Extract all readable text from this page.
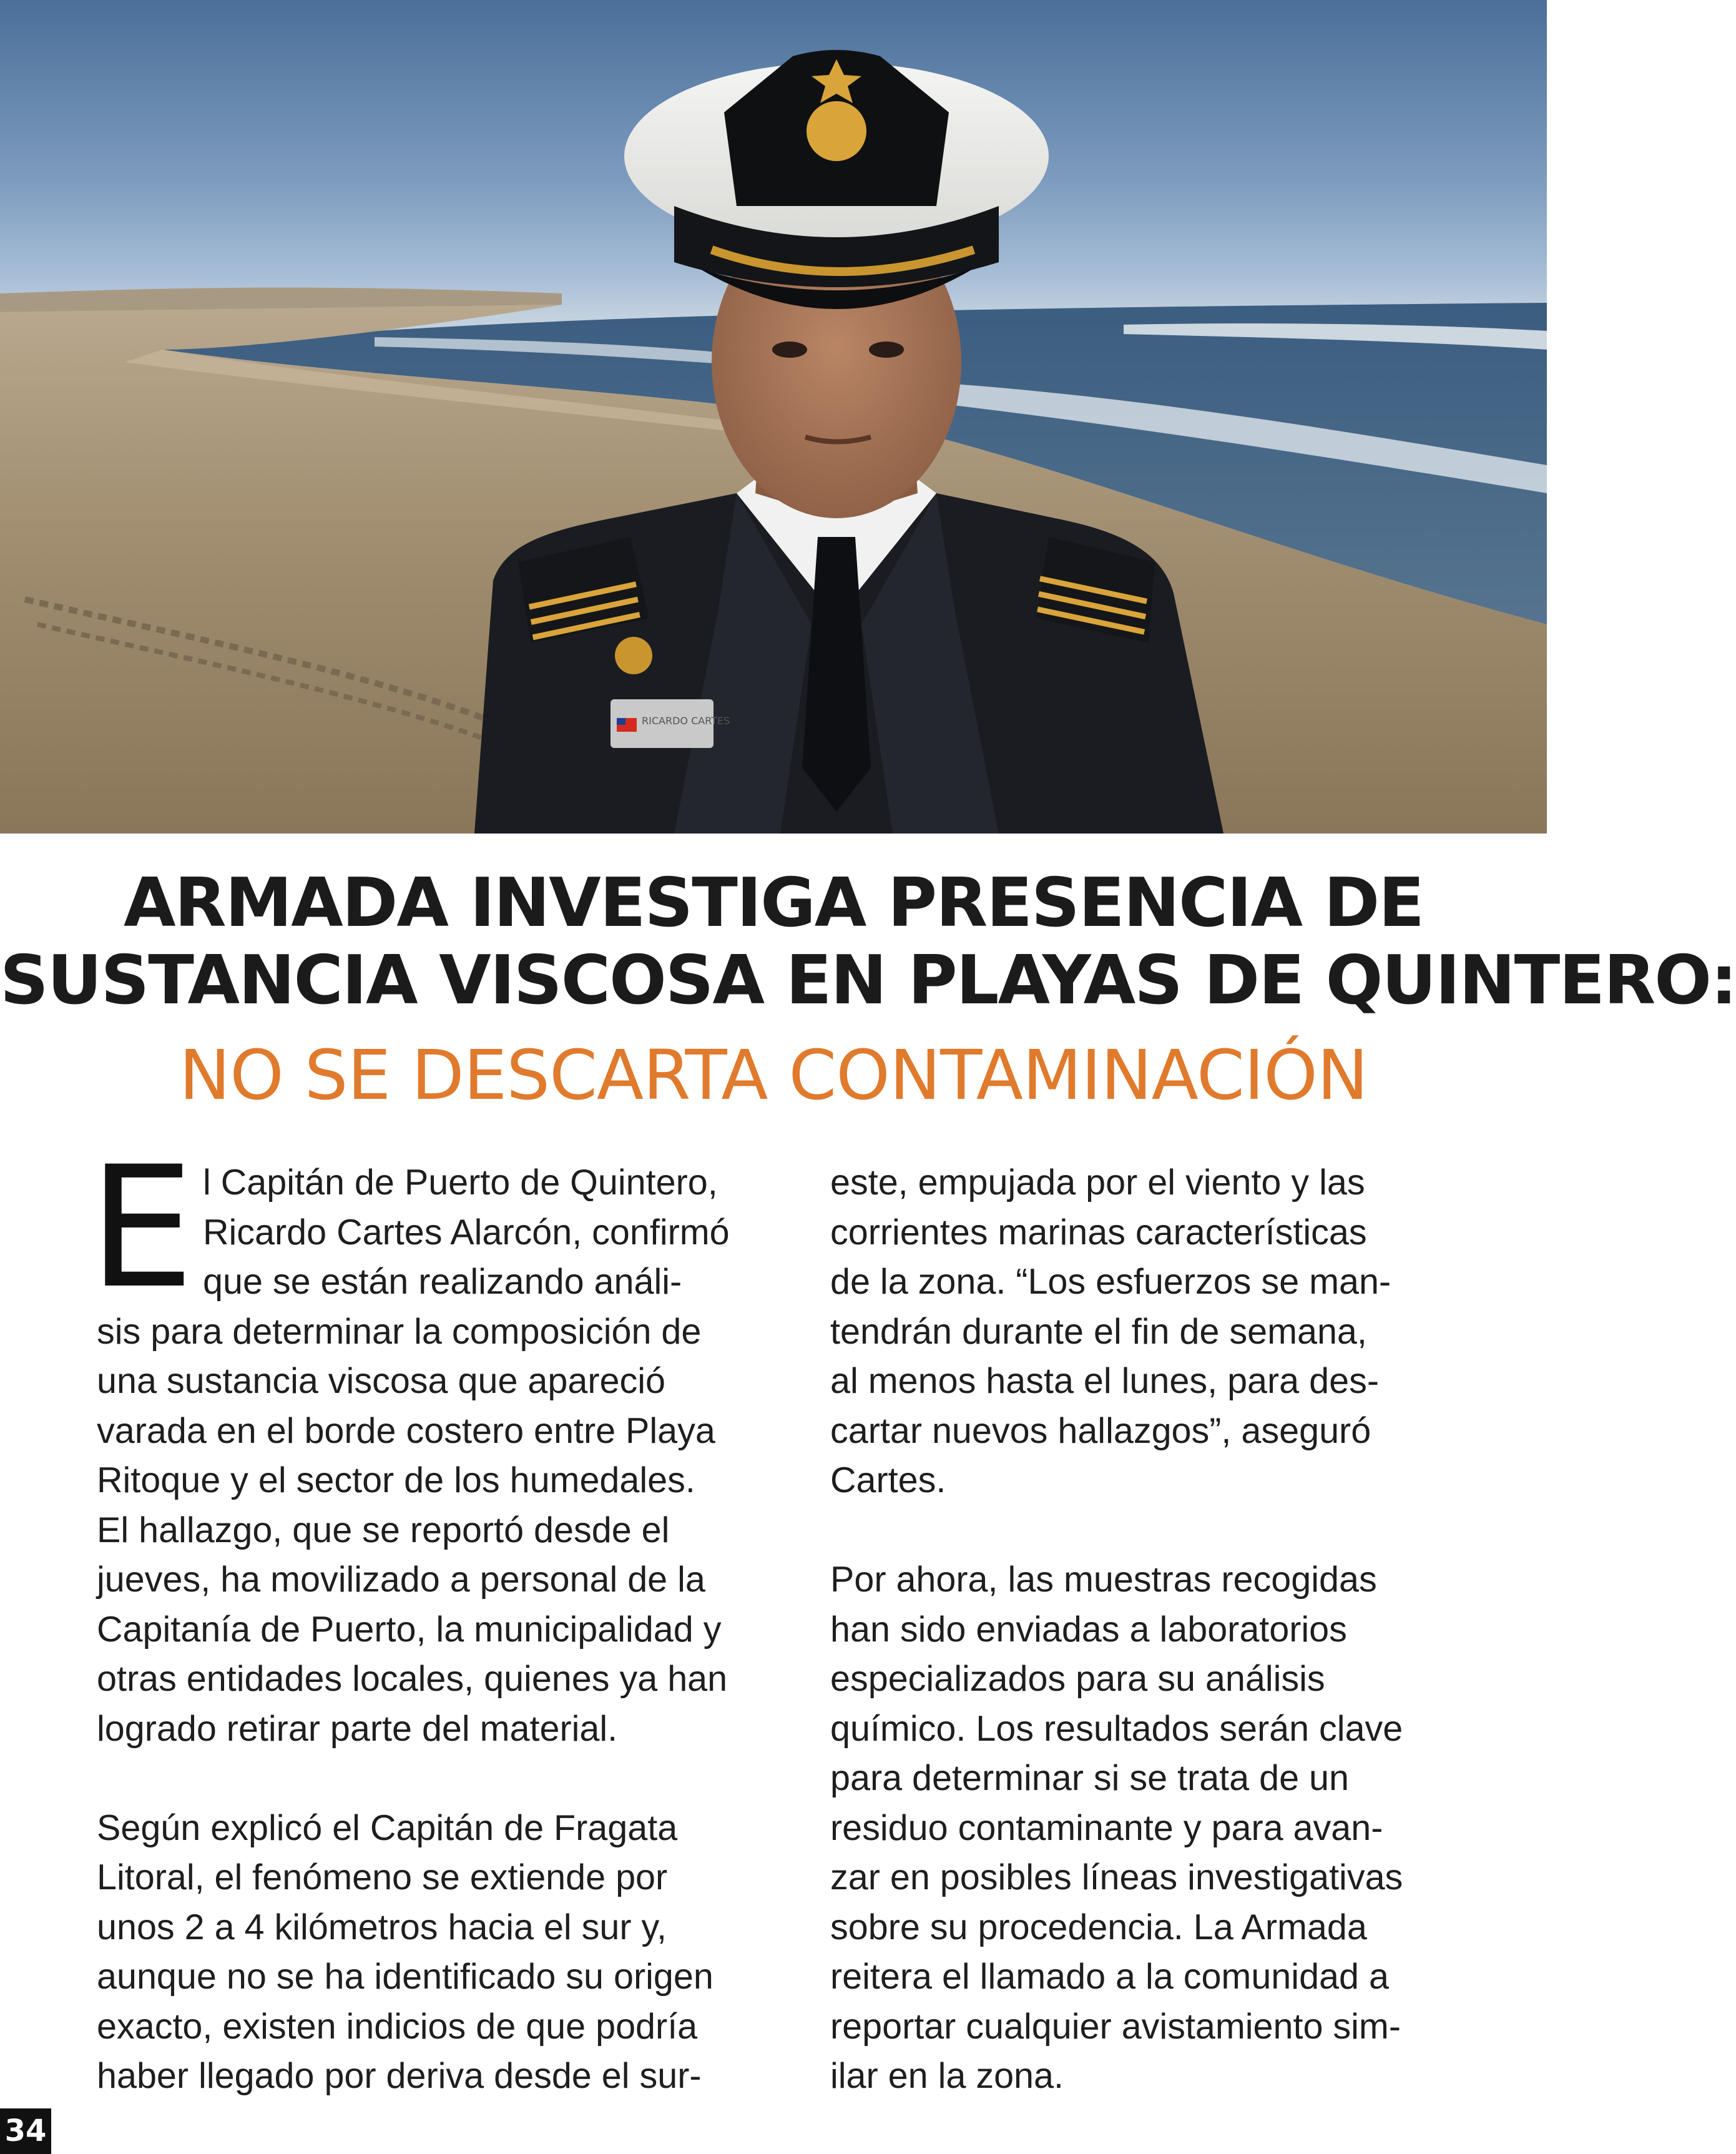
RICARDO CARTES
ARMADA INVESTIGA PRESENCIA DE
SUSTANCIA VISCOSA EN PLAYAS DE QUINTERO:
NO SE DESCARTA CONTAMINACIÓN
E l Capitán de Puerto de Quintero,

Ricardo Cartes Alarcón, confirmó

que se están realizando análi-

sis para determinar la composición de

una sustancia viscosa que apareció

varada en el borde costero entre Playa

Ritoque y el sector de los humedales.

El hallazgo, que se reportó desde el

jueves, ha movilizado a personal de la

Capitanía de Puerto, la municipalidad y

otras entidades locales, quienes ya han

logrado retirar parte del material.

Según explicó el Capitán de Fragata

Litoral, el fenómeno se extiende por

unos 2 a 4 kilómetros hacia el sur y,

aunque no se ha identificado su origen

exacto, existen indicios de que podría

haber llegado por deriva desde el sur-

este, empujada por el viento y las

corrientes marinas características

de la zona. “Los esfuerzos se man-

tendrán durante el fin de semana,

al menos hasta el lunes, para des-

cartar nuevos hallazgos”, aseguró

Cartes.

Por ahora, las muestras recogidas

han sido enviadas a laboratorios

especializados para su análisis

químico. Los resultados serán clave

para determinar si se trata de un

residuo contaminante y para avan-

zar en posibles líneas investigativas

sobre su procedencia. La Armada

reitera el llamado a la comunidad a

reportar cualquier avistamiento sim-

ilar en la zona.

34
